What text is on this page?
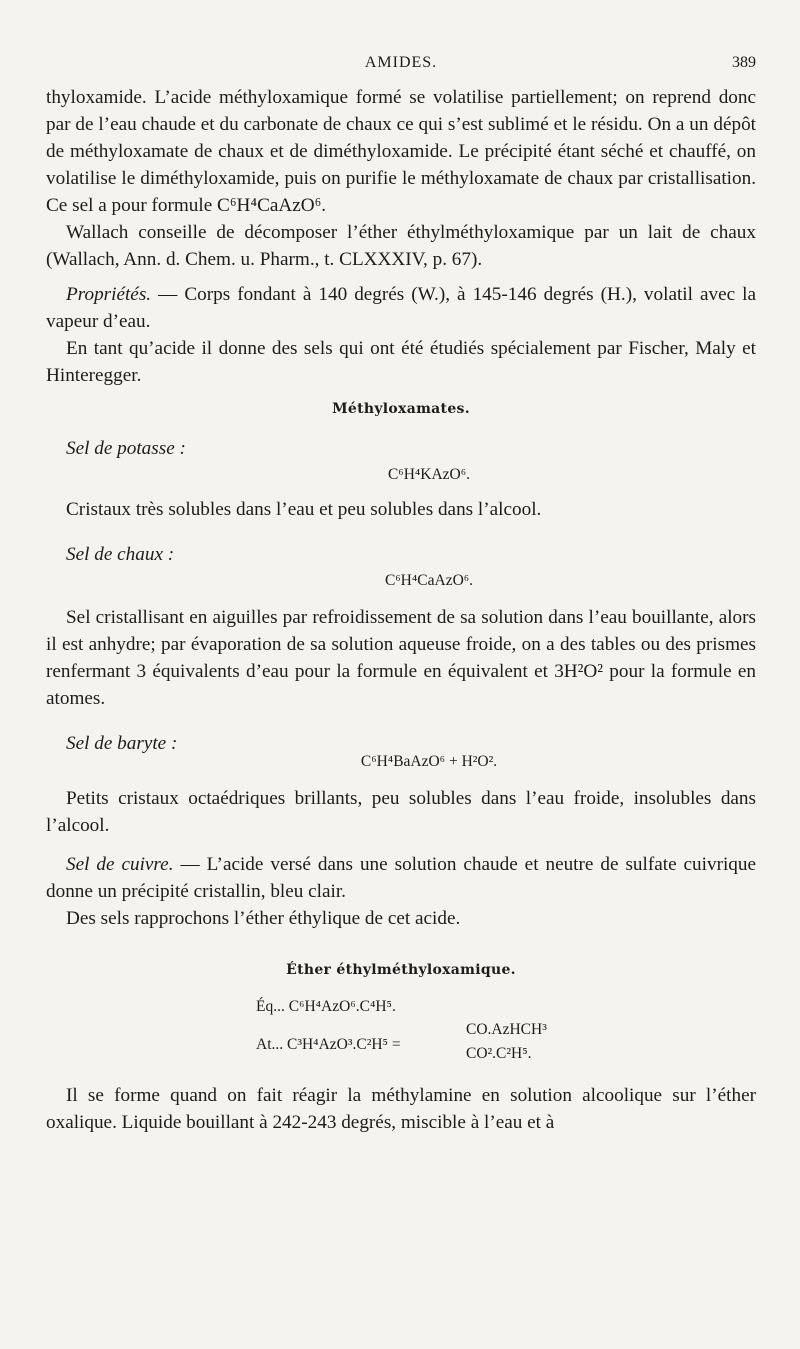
AMIDES.	389

thyloxamide. L’acide méthyloxamique formé se volatilise partiellement; on reprend donc par de l’eau chaude et du carbonate de chaux ce qui s’est sublimé et le résidu. On a un dépôt de méthyloxamate de chaux et de diméthyloxamide. Le précipité étant séché et chauffé, on volatilise le diméthyloxamide, puis on purifie le méthyloxamate de chaux par cristallisation. Ce sel a pour formule C⁶H⁴CaAzO⁶.

Wallach conseille de décomposer l’éther éthylméthyloxamique par un lait de chaux (Wallach, Ann. d. Chem. u. Pharm., t. CLXXXIV, p. 67).

Propriétés. — Corps fondant à 140 degrés (W.), à 145-146 degrés (H.), volatil avec la vapeur d’eau.

En tant qu’acide il donne des sels qui ont été étudiés spécialement par Fischer, Maly et Hinteregger.

Méthyloxamates.
Sel de potasse :
C⁶H⁴KAzO⁶.

Cristaux très solubles dans l’eau et peu solubles dans l’alcool.

Sel de chaux :
C⁶H⁴CaAzO⁶.

Sel cristallisant en aiguilles par refroidissement de sa solution dans l’eau bouillante, alors il est anhydre; par évaporation de sa solution aqueuse froide, on a des tables ou des prismes renfermant 3 équivalents d’eau pour la formule en équivalent et 3H²O² pour la formule en atomes.

Sel de baryte :
C⁶H⁴BaAzO⁶ + H²O².

Petits cristaux octaédriques brillants, peu solubles dans l’eau froide, insolubles dans l’alcool.

Sel de cuivre. — L’acide versé dans une solution chaude et neutre de sulfate cuivrique donne un précipité cristallin, bleu clair.

Des sels rapprochons l’éther éthylique de cet acide.

Éther éthylméthyloxamique.
Éq... C⁶H⁴AzO⁶.C⁴H⁵.
At... C³H⁴AzO³.C²H⁵ =
CO.AzHCH³
CO².C²H⁵.

Il se forme quand on fait réagir la méthylamine en solution alcoolique sur l’éther oxalique. Liquide bouillant à 242-243 degrés, miscible à l’eau et à
